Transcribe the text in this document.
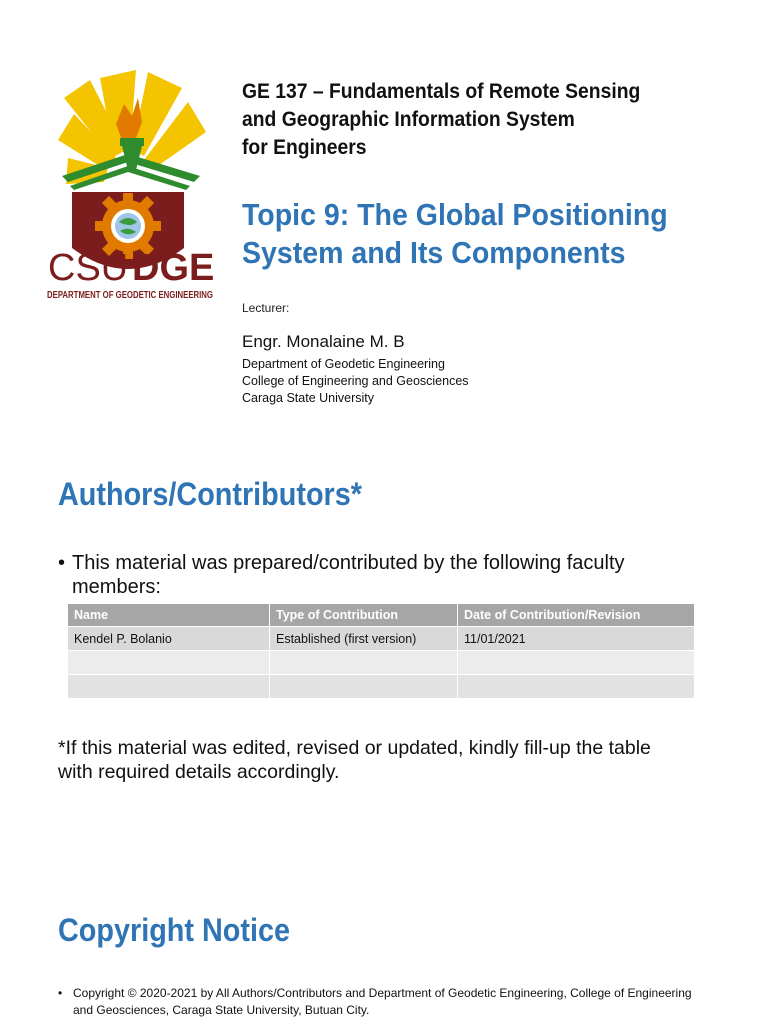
CSU DGE
DEPARTMENT OF GEODETIC ENGINEERING
GE 137 – Fundamentals of Remote Sensing
and Geographic Information System
for Engineers
Topic 9: The Global Positioning
System and Its Components
Lecturer:
Engr. Monalaine M. B
Department of Geodetic Engineering
College of Engineering and Geosciences
Caraga State University
Authors/Contributors*
• This material was prepared/contributed by the following faculty members:
Name	Type of Contribution	Date of Contribution/Revision
Kendel P. Bolanio	Established (first version)	11/01/2021

*If this material was edited, revised or updated, kindly fill-up the table
with required details accordingly.
Copyright Notice
• Copyright © 2020-2021 by All Authors/Contributors and Department of Geodetic Engineering, College of Engineering and Geosciences, Caraga State University, Butuan City.
